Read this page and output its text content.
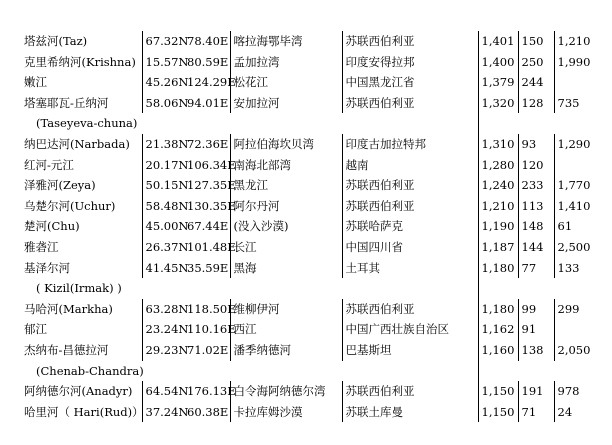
塔兹河(Taz)	67.32N	78.40E	喀拉海鄂毕湾	苏联西伯利亚	1,401	150	1,210
克里希纳河(Krishna)	15.57N	80.59E	孟加拉湾	印度安得拉邦	1,400	250	1,990
嫩江	45.26N	124.29E	松花江	中国黑龙江省	1,379	244	
塔塞耶瓦-丘纳河	58.06N	94.01E	安加拉河	苏联西伯利亚	1,320	128	735
(Taseyeva-chuna)							
纳巴达河(Narbada)	21.38N	72.36E	阿拉伯海坎贝湾	印度古加拉特邦	1,310	93	1,290
红河-元江	20.17N	106.34E	南海北部湾	越南	1,280	120	
泽雅河(Zeya)	50.15N	127.35E	黑龙江	苏联西伯利亚	1,240	233	1,770
乌楚尔河(Uchur)	58.48N	130.35E	阿尔丹河	苏联西伯利亚	1,210	113	1,410
楚河(Chu)	45.00N	67.44E	(没入沙漠)	苏联哈萨克	1,190	148	61
雅砻江	26.37N	101.48E	长江	中国四川省	1,187	144	2,500
基泽尔河	41.45N	35.59E	黑海	土耳其	1,180	77	133
( Kizil(Irmak) )							
马哈河(Markha)	63.28N	118.50E	维柳伊河	苏联西伯利亚	1,180	99	299
郁江	23.24N	110.16E	西江	中国广西壮族自治区	1,162	91	
杰纳布-昌德拉河	29.23N	71.02E	潘季纳德河	巴基斯坦	1,160	138	2,050
(Chenab-Chandra)							
阿纳德尔河(Anadyr)	64.54N	176.13E	白令海阿纳德尔湾	苏联西伯利亚	1,150	191	978
哈里河（ Hari(Rud)）	37.24N	60.38E	卡拉库姆沙漠	苏联土库曼	1,150	71	24
